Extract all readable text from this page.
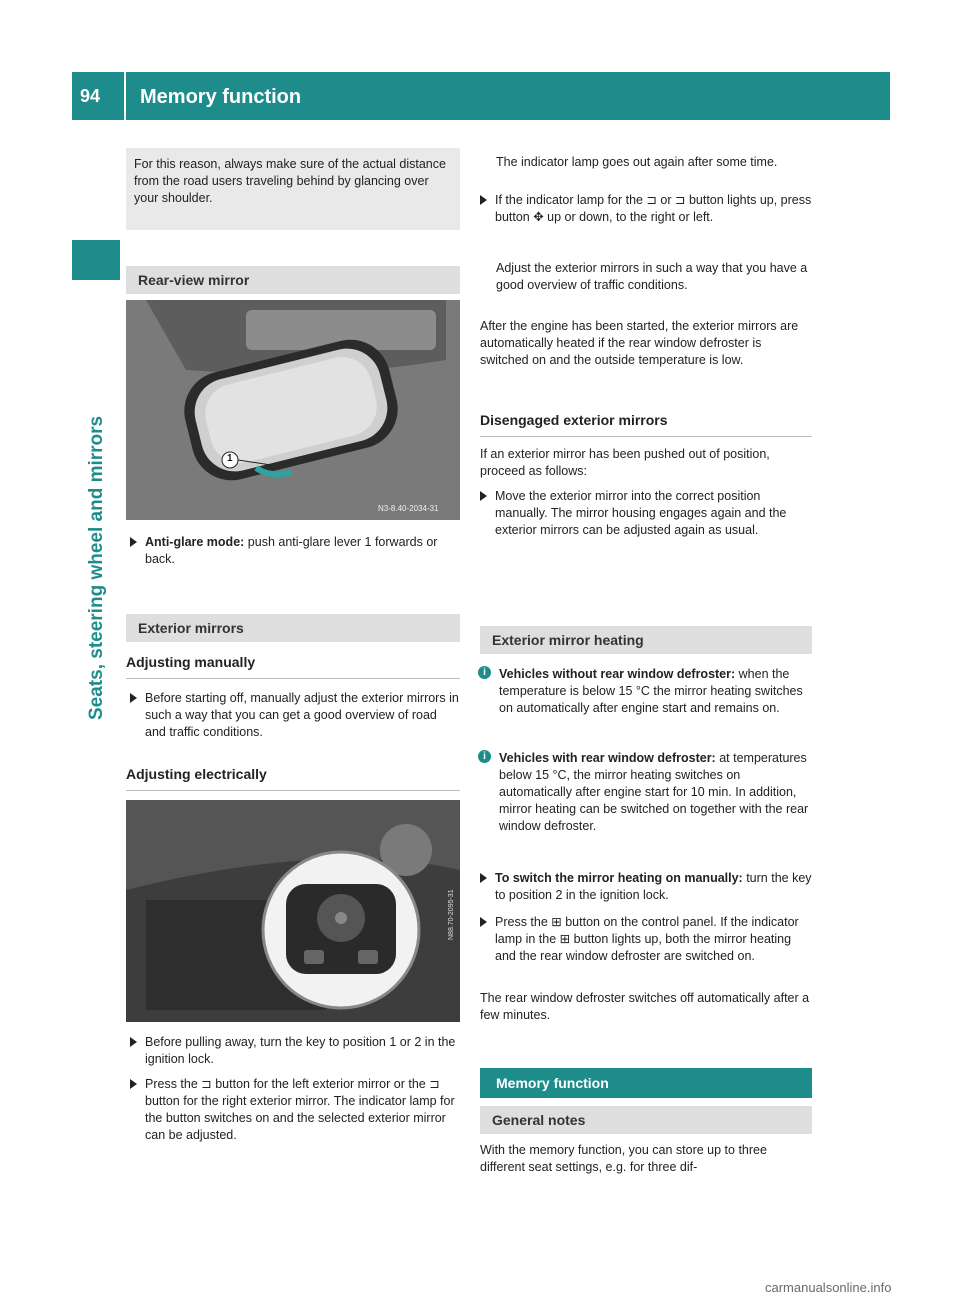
94 Memory function
Seats, steering wheel and mirrors
For this reason, always make sure of the actual distance from the road users traveling behind by glancing over your shoulder.
Rear-view mirror
1
N3-8.40-2034-31
Anti-glare mode: push anti-glare lever 1 forwards or back.
Exterior mirrors
Adjusting manually
Before starting off, manually adjust the exterior mirrors in such a way that you can get a good overview of road and traffic conditions.
Adjusting electrically
N88.70-2095-31
Before pulling away, turn the key to position 1 or 2 in the ignition lock.
Press the ⊐ button for the left exterior mirror or the ⊐ button for the right exterior mirror. The indicator lamp for the button switches on and the selected exterior mirror can be adjusted.
The indicator lamp goes out again after some time.
If the indicator lamp for the ⊐ or ⊐ button lights up, press button ✥ up or down, to the right or left.
Adjust the exterior mirrors in such a way that you have a good overview of traffic conditions.
After the engine has been started, the exterior mirrors are automatically heated if the rear window defroster is switched on and the outside temperature is low.
Disengaged exterior mirrors
If an exterior mirror has been pushed out of position, proceed as follows:
Move the exterior mirror into the correct position manually. The mirror housing engages again and the exterior mirrors can be adjusted again as usual.
Exterior mirror heating
i	Vehicles without rear window defroster: when the temperature is below 15 °C the mirror heating switches on automatically after engine start and remains on.
i	Vehicles with rear window defroster: at temperatures below 15 °C, the mirror heating switches on automatically after engine start for 10 min. In addition, mirror heating can be switched on together with the rear window defroster.
To switch the mirror heating on manually: turn the key to position 2 in the ignition lock.
Press the ⊞ button on the control panel. If the indicator lamp in the ⊞ button lights up, both the mirror heating and the rear window defroster are switched on.
The rear window defroster switches off automatically after a few minutes.
Memory function
General notes
With the memory function, you can store up to three different seat settings, e.g. for three dif-
carmanualsonline.info
